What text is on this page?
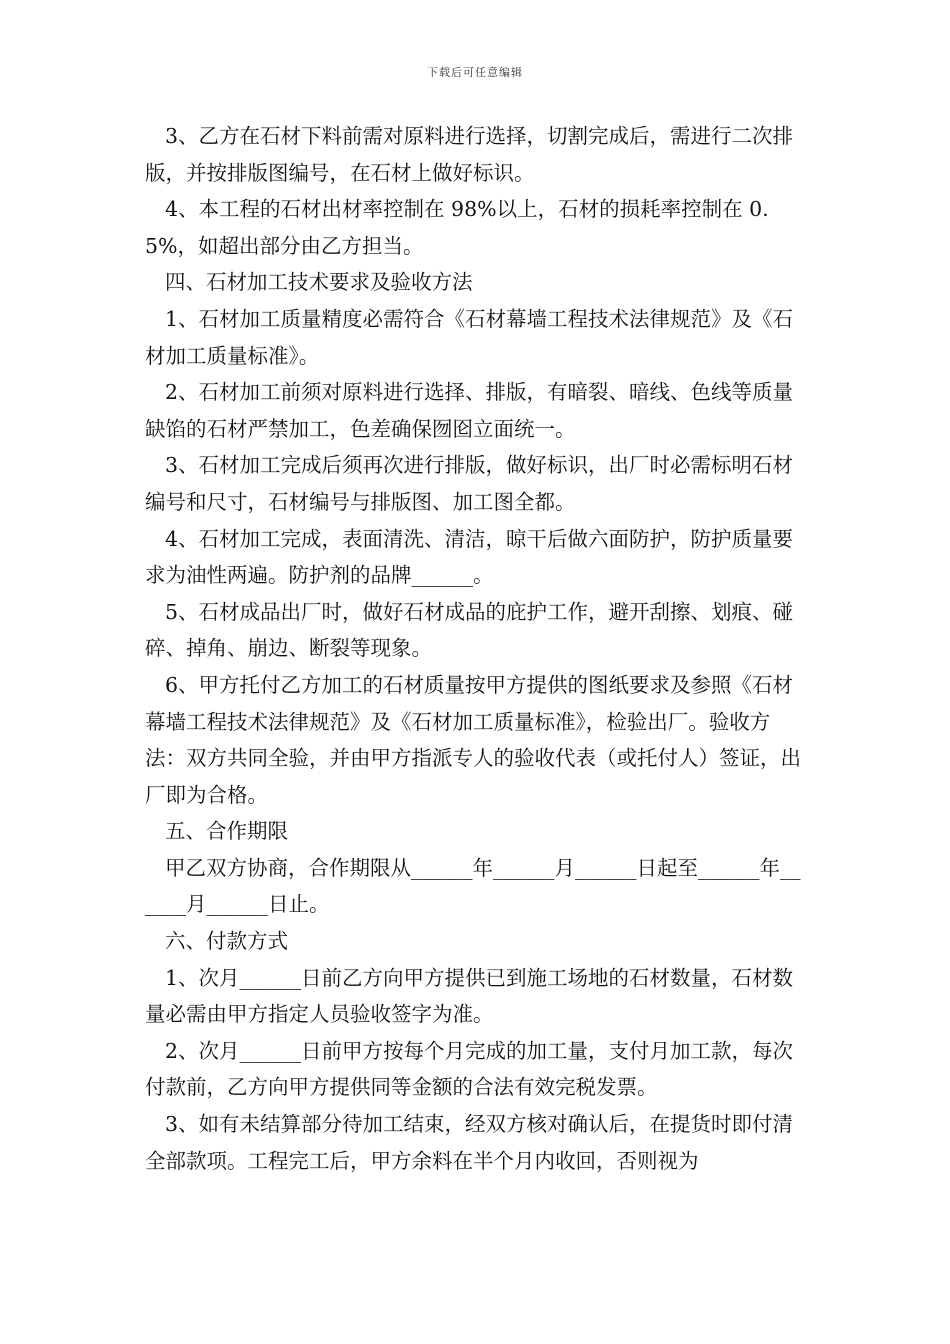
下载后可任意编辑

3、乙方在石材下料前需对原料进行选择，切割完成后，需进行二次排版，并按排版图编号，在石材上做好标识。

4、本工程的石材出材率控制在 98%以上，石材的损耗率控制在 0.5%，如超出部分由乙方担当。

四、石材加工技术要求及验收方法

1、石材加工质量精度必需符合《石材幕墙工程技术法律规范》及《石材加工质量标准》。

2、石材加工前须对原料进行选择、排版，有暗裂、暗线、色线等质量缺馅的石材严禁加工，色差确保囫囵立面统一。

3、石材加工完成后须再次进行排版，做好标识，出厂时必需标明石材编号和尺寸，石材编号与排版图、加工图全都。

4、石材加工完成，表面清洗、清洁，晾干后做六面防护，防护质量要求为油性两遍。防护剂的品牌______。

5、石材成品出厂时，做好石材成品的庇护工作，避开刮擦、划痕、碰碎、掉角、崩边、断裂等现象。

6、甲方托付乙方加工的石材质量按甲方提供的图纸要求及参照《石材幕墙工程技术法律规范》及《石材加工质量标准》，检验出厂。验收方法：双方共同全验，并由甲方指派专人的验收代表（或托付人）签证，出厂即为合格。

五、合作期限

甲乙双方协商，合作期限从______年______月______日起至______年______月______日止。

六、付款方式

1、次月______日前乙方向甲方提供已到施工场地的石材数量，石材数量必需由甲方指定人员验收签字为准。

2、次月______日前甲方按每个月完成的加工量，支付月加工款，每次付款前，乙方向甲方提供同等金额的合法有效完税发票。

3、如有未结算部分待加工结束，经双方核对确认后，在提货时即付清全部款项。工程完工后，甲方余料在半个月内收回，否则视为
